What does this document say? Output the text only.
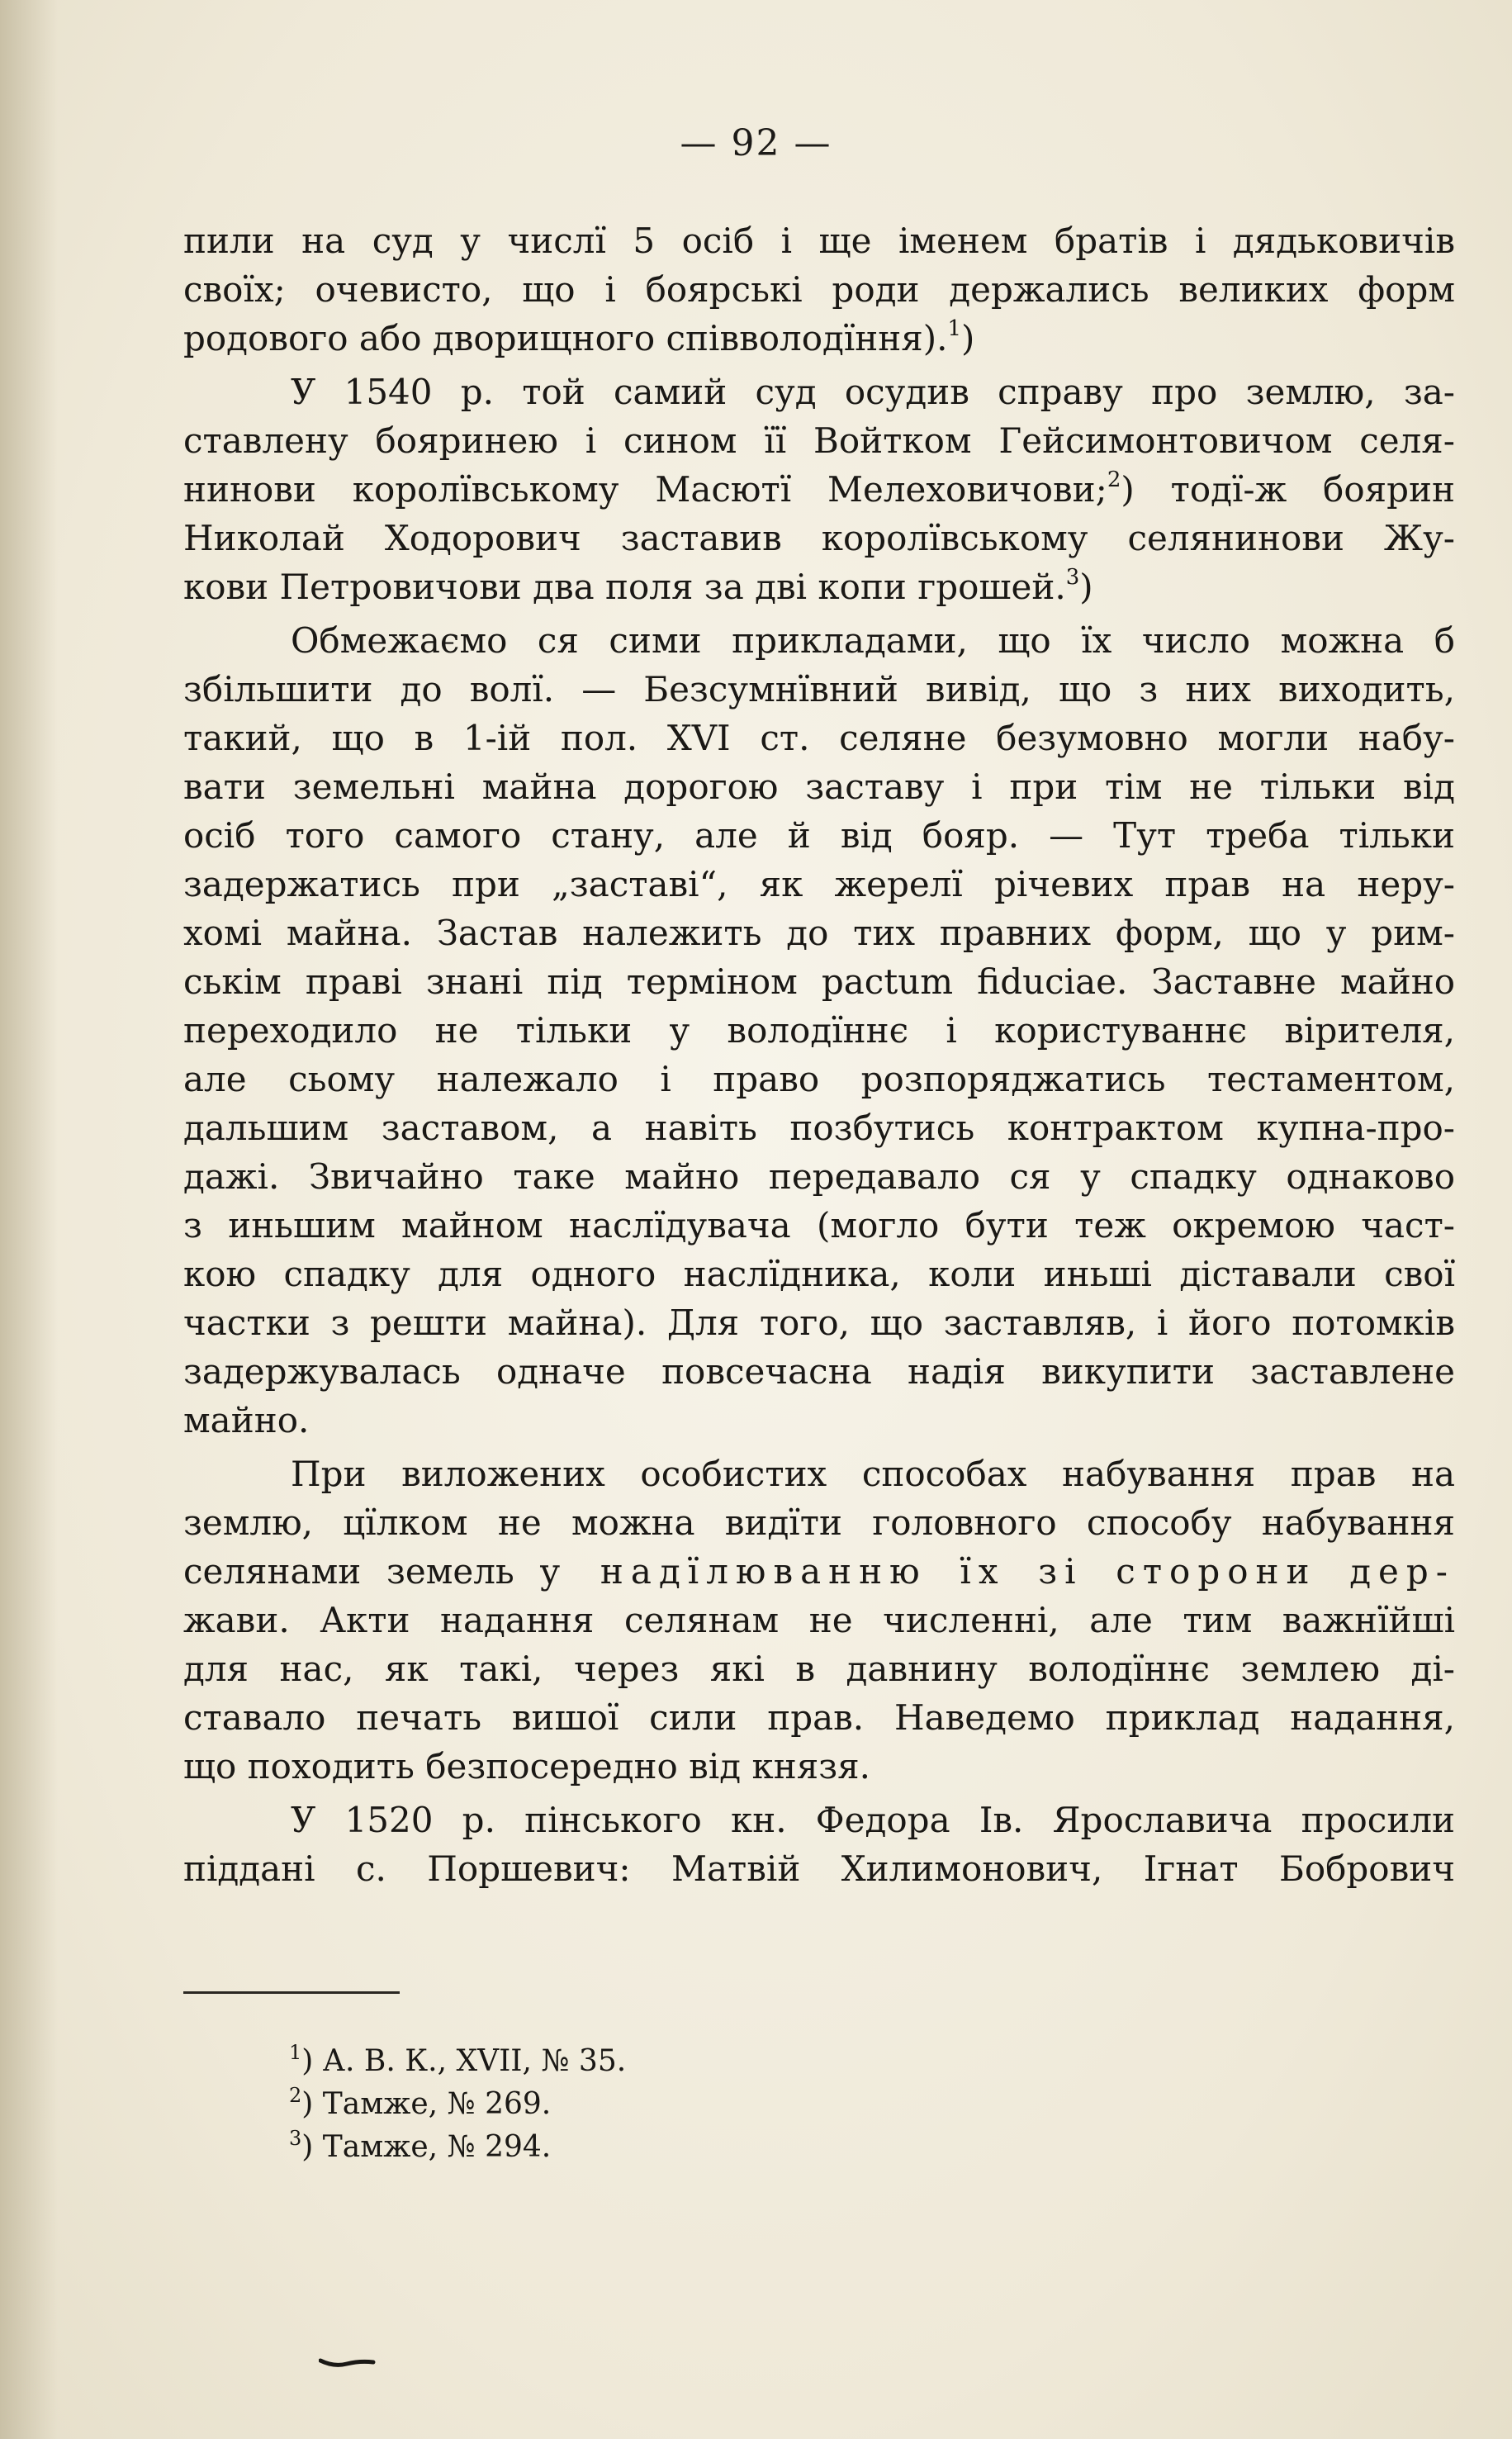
— 92 —
пили на суд у числї 5 осіб і ще іменем братів і дядьковичів
своїх; очевисто, що і боярські роди держались великих форм
родового або дворищного співволодїння).$^1$)
У 1540 р. той самий суд осудив справу про землю, за-
ставлену бояринею і сином її Войтком Гейсимонтовичом селя-
нинови королївському Масютї Мелеховичови;$^2$) тодї-ж боярин
Николай Ходорович заставив королївському селянинови Жу-
кови Петровичови два поля за дві копи грошей.$^3$)
Обмежаємо ся сими прикладами, що їх число можна б
збільшити до волї. — Безсумнївний вивід, що з них виходить,
такий, що в 1-ій пол. XVI ст. селяне безумовно могли набу-
вати земельні майна дорогою заставу і при тім не тільки від
осіб того самого стану, але й від бояр. — Тут треба тільки
задержатись при „заставі“, як жерелї річевих прав на неру-
хомі майна. Застав належить до тих правних форм, що у рим-
ськім праві знані під терміном pactum fiduciae. Заставне майно
переходило не тільки у володїннє і користуваннє вірителя,
але сьому належало і право розпоряджатись тестаментом,
дальшим заставом, а навіть позбутись контрактом купна-про-
дажі. Звичайно таке майно передавало ся у спадку однаково
з иньшим майном наслїдувача (могло бути теж окремою част-
кою спадку для одного наслїдника, коли иньші діставали свої
частки з решти майна). Для того, що заставляв, і його потомків
задержувалась одначе повсечасна надія викупити заставлене
майно.
При виложених особистих способах набування прав на
землю, цїлком не можна видїти головного способу набування
селянами земель у надїлюванню їх зі сторони дер-
жави. Акти надання селянам не численні, але тим важнїйші
для нас, як такі, через які в давнину володїннє землею ді-
ставало печать вишої сили прав. Наведемо приклад надання,
що походить безпосередно від князя.
У 1520 р. пінського кн. Федора Ів. Ярославича просили
піддані с. Поршевич: Матвій Хилимонович, Ігнат Бобрович
$^1$) А. В. К., XVII, № 35.
$^2$) Тамже, № 269.
$^3$) Тамже, № 294.
